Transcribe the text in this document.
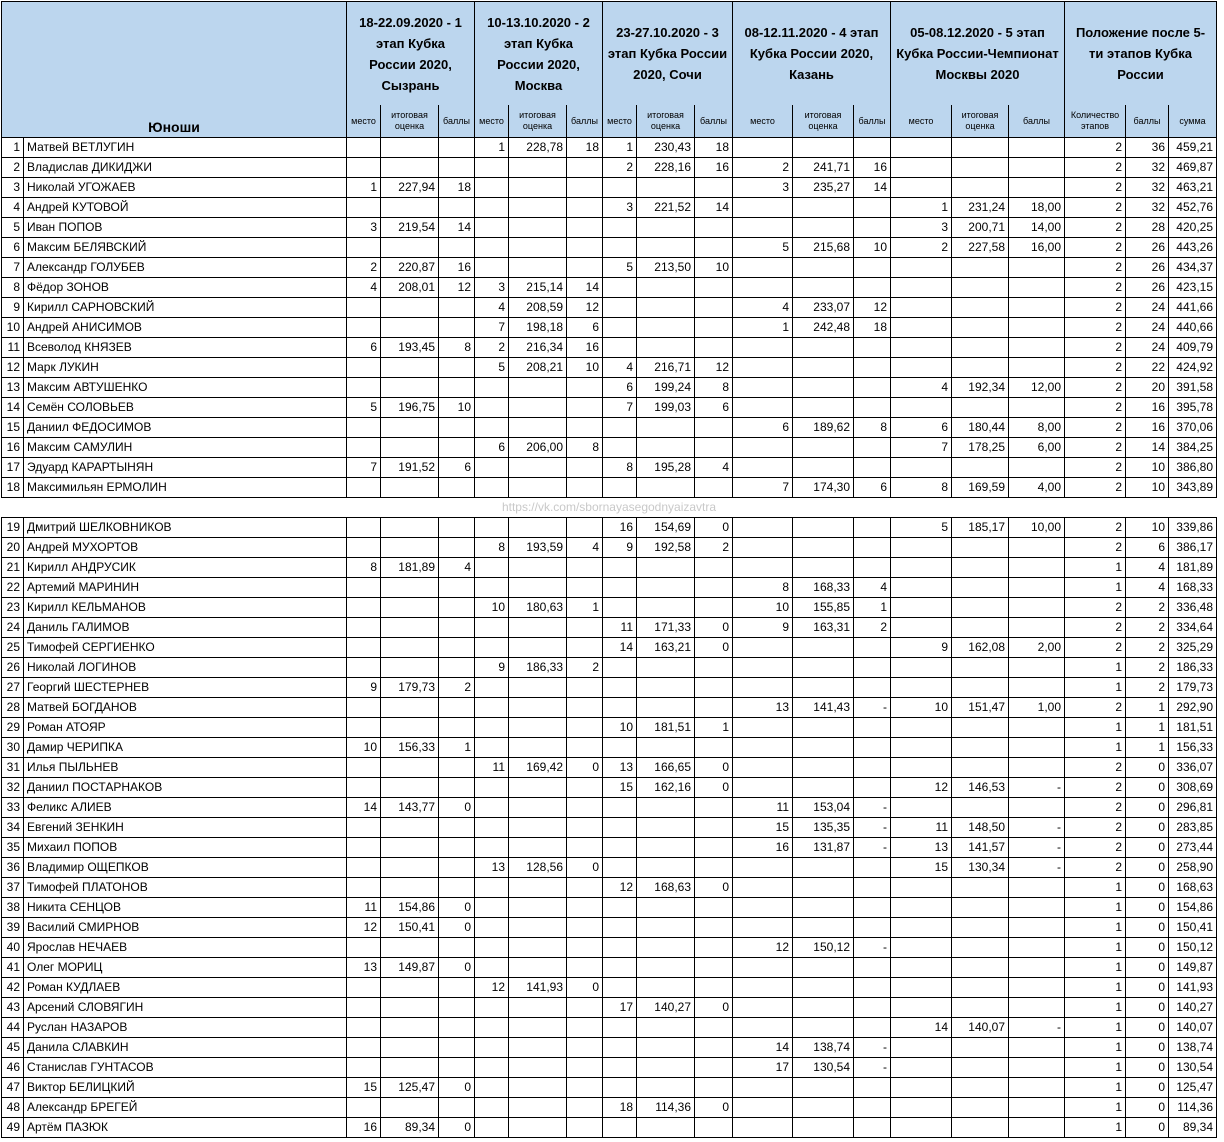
Юноши		18-22.09.2020 - 1 этап Кубка России 2020, Сызрань			10-13.10.2020 - 2 этап Кубка России 2020, Москва			23-27.10.2020 - 3 этап Кубка России 2020, Сочи			08-12.11.2020 - 4 этап Кубка России 2020, Казань			05-08.12.2020 - 5 этап Кубка России-Чемпионат Москвы 2020			Положение после 5-ти этапов Кубка России		
		место	итоговая оценка	баллы	место	итоговая оценка	баллы	место	итоговая оценка	баллы	место	итоговая оценка	баллы	место	итоговая оценка	баллы	Количество этапов	баллы	сумма
1	Матвей ВЕТЛУГИН				1	228,78	18	1	230,43	18							2	36	459,21
2	Владислав ДИКИДЖИ							2	228,16	16	2	241,71	16				2	32	469,87
3	Николай УГОЖАЕВ	1	227,94	18							3	235,27	14				2	32	463,21
4	Андрей КУТОВОЙ							3	221,52	14				1	231,24	18,00	2	32	452,76
5	Иван ПОПОВ	3	219,54	14										3	200,71	14,00	2	28	420,25
6	Максим БЕЛЯВСКИЙ										5	215,68	10	2	227,58	16,00	2	26	443,26
7	Александр ГОЛУБЕВ	2	220,87	16				5	213,50	10							2	26	434,37
8	Фёдор ЗОНОВ	4	208,01	12	3	215,14	14										2	26	423,15
9	Кирилл САРНОВСКИЙ				4	208,59	12				4	233,07	12				2	24	441,66
10	Андрей АНИСИМОВ				7	198,18	6				1	242,48	18				2	24	440,66
11	Всеволод КНЯЗЕВ	6	193,45	8	2	216,34	16										2	24	409,79
12	Марк ЛУКИН				5	208,21	10	4	216,71	12							2	22	424,92
13	Максим АВТУШЕНКО							6	199,24	8				4	192,34	12,00	2	20	391,58
14	Семён СОЛОВЬЕВ	5	196,75	10				7	199,03	6							2	16	395,78
15	Даниил ФЕДОСИМОВ										6	189,62	8	6	180,44	8,00	2	16	370,06
16	Максим САМУЛИН				6	206,00	8							7	178,25	6,00	2	14	384,25
17	Эдуард КАРАРТЫНЯН	7	191,52	6				8	195,28	4							2	10	386,80
18	Максимильян ЕРМОЛИН										7	174,30	6	8	169,59	4,00	2	10	343,89
https://vk.com/sbornayasegodnyaizavtra																			
19	Дмитрий ШЕЛКОВНИКОВ							16	154,69	0				5	185,17	10,00	2	10	339,86
20	Андрей МУХОРТОВ				8	193,59	4	9	192,58	2							2	6	386,17
21	Кирилл АНДРУСИК	8	181,89	4													1	4	181,89
22	Артемий МАРИНИН										8	168,33	4				1	4	168,33
23	Кирилл КЕЛЬМАНОВ				10	180,63	1				10	155,85	1				2	2	336,48
24	Даниль ГАЛИМОВ							11	171,33	0	9	163,31	2				2	2	334,64
25	Тимофей СЕРГИЕНКО							14	163,21	0				9	162,08	2,00	2	2	325,29
26	Николай ЛОГИНОВ				9	186,33	2										1	2	186,33
27	Георгий ШЕСТЕРНЕВ	9	179,73	2													1	2	179,73
28	Матвей БОГДАНОВ										13	141,43	-	10	151,47	1,00	2	1	292,90
29	Роман АТОЯР							10	181,51	1							1	1	181,51
30	Дамир ЧЕРИПКА	10	156,33	1													1	1	156,33
31	Илья ПЫЛЬНЕВ				11	169,42	0	13	166,65	0							2	0	336,07
32	Даниил ПОСТАРНАКОВ							15	162,16	0				12	146,53	-	2	0	308,69
33	Феликс АЛИЕВ	14	143,77	0							11	153,04	-				2	0	296,81
34	Евгений ЗЕНКИН										15	135,35	-	11	148,50	-	2	0	283,85
35	Михаил ПОПОВ										16	131,87	-	13	141,57	-	2	0	273,44
36	Владимир ОЩЕПКОВ				13	128,56	0							15	130,34	-	2	0	258,90
37	Тимофей ПЛАТОНОВ							12	168,63	0							1	0	168,63
38	Никита СЕНЦОВ	11	154,86	0													1	0	154,86
39	Василий СМИРНОВ	12	150,41	0													1	0	150,41
40	Ярослав НЕЧАЕВ										12	150,12	-				1	0	150,12
41	Олег МОРИЦ	13	149,87	0													1	0	149,87
42	Роман КУДЛАЕВ				12	141,93	0										1	0	141,93
43	Арсений СЛОВЯГИН							17	140,27	0							1	0	140,27
44	Руслан НАЗАРОВ													14	140,07	-	1	0	140,07
45	Данила СЛАВКИН										14	138,74	-				1	0	138,74
46	Станислав ГУНТАСОВ										17	130,54	-				1	0	130,54
47	Виктор БЕЛИЦКИЙ	15	125,47	0													1	0	125,47
48	Александр БРЕГЕЙ							18	114,36	0							1	0	114,36
49	Артём ПАЗЮК	16	89,34	0													1	0	89,34
